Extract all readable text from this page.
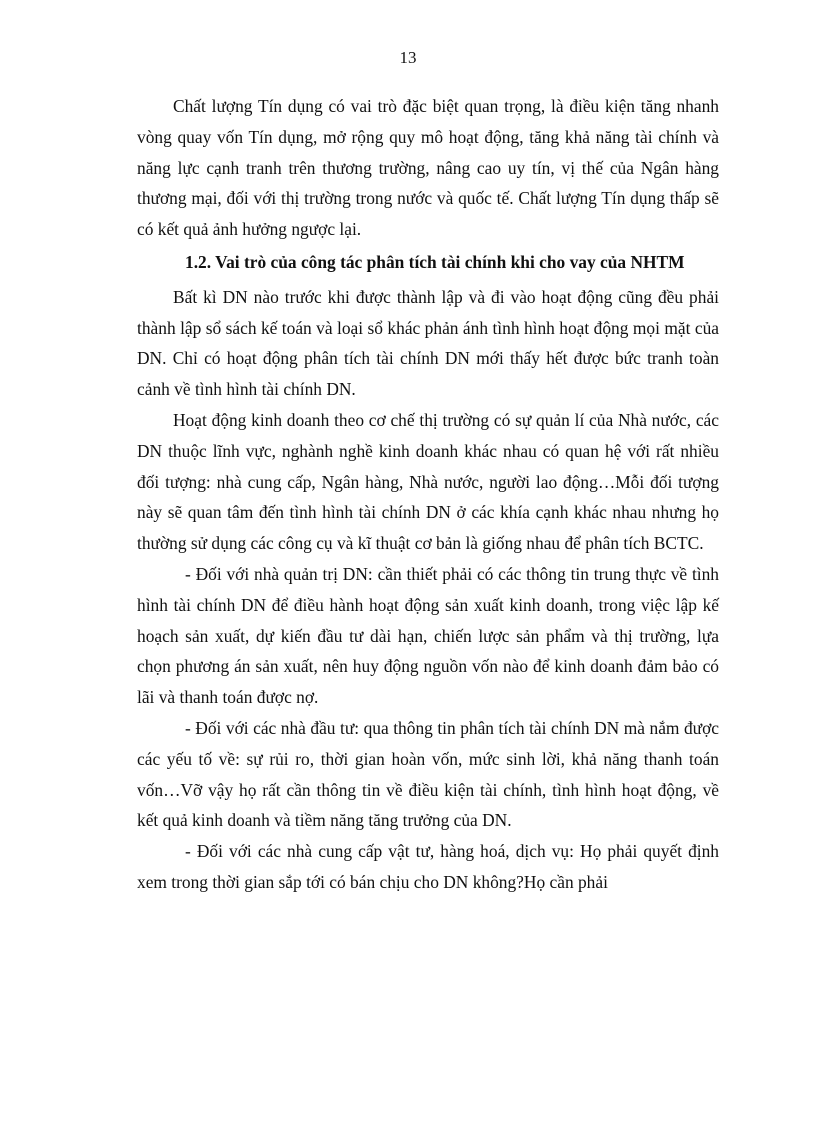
13

Chất lượng Tín dụng có vai trò đặc biệt quan trọng, là điều kiện tăng nhanh vòng quay vốn Tín dụng, mở rộng quy mô hoạt động, tăng khả năng tài chính và năng lực cạnh tranh trên thương trường, nâng cao uy tín, vị thế của Ngân hàng thương mại, đối với thị trường trong nước và quốc tế. Chất lượng Tín dụng thấp sẽ có kết quả ảnh hưởng ngược lại.

1.2. Vai trò của công tác phân tích tài chính khi cho vay của NHTM

Bất kì DN nào trước khi được thành lập và đi vào hoạt động cũng đều phải thành lập sổ sách kế toán và loại sổ khác phản ánh tình hình hoạt động mọi mặt của DN. Chỉ có hoạt động phân tích tài chính DN mới thấy hết được bức tranh toàn cảnh về tình hình tài chính DN.

Hoạt động kinh doanh theo cơ chế thị trường có sự quản lí của Nhà nước, các DN thuộc lĩnh vực, nghành nghề kinh doanh khác nhau có quan hệ với rất nhiều đối tượng: nhà cung cấp, Ngân hàng, Nhà nước, người lao động…Mỗi đối tượng này sẽ quan tâm đến tình hình tài chính DN ở các khía cạnh khác nhau nhưng họ thường sử dụng các công cụ và kĩ thuật cơ bản là giống nhau để phân tích BCTC.

- Đối với nhà quản trị DN: cần thiết phải có các thông tin trung thực về tình hình tài chính DN để điều hành hoạt động sản xuất kinh doanh, trong việc lập kế hoạch sản xuất, dự kiến đầu tư dài hạn, chiến lược sản phẩm và thị trường, lựa chọn phương án sản xuất, nên huy động nguồn vốn nào để kinh doanh đảm bảo có lãi và thanh toán được nợ.

- Đối với các nhà đầu tư: qua thông tin phân tích tài chính DN mà nắm được các yếu tố về: sự rủi ro, thời gian hoàn vốn, mức sinh lời, khả năng thanh toán vốn…Vỡ vậy họ rất cần thông tin về điều kiện tài chính, tình hình hoạt động, về kết quả kinh doanh và tiềm năng tăng trưởng của DN.

- Đối với các nhà cung cấp vật tư, hàng hoá, dịch vụ: Họ phải quyết định xem trong thời gian sắp tới có bán chịu cho DN không?Họ cần phải
